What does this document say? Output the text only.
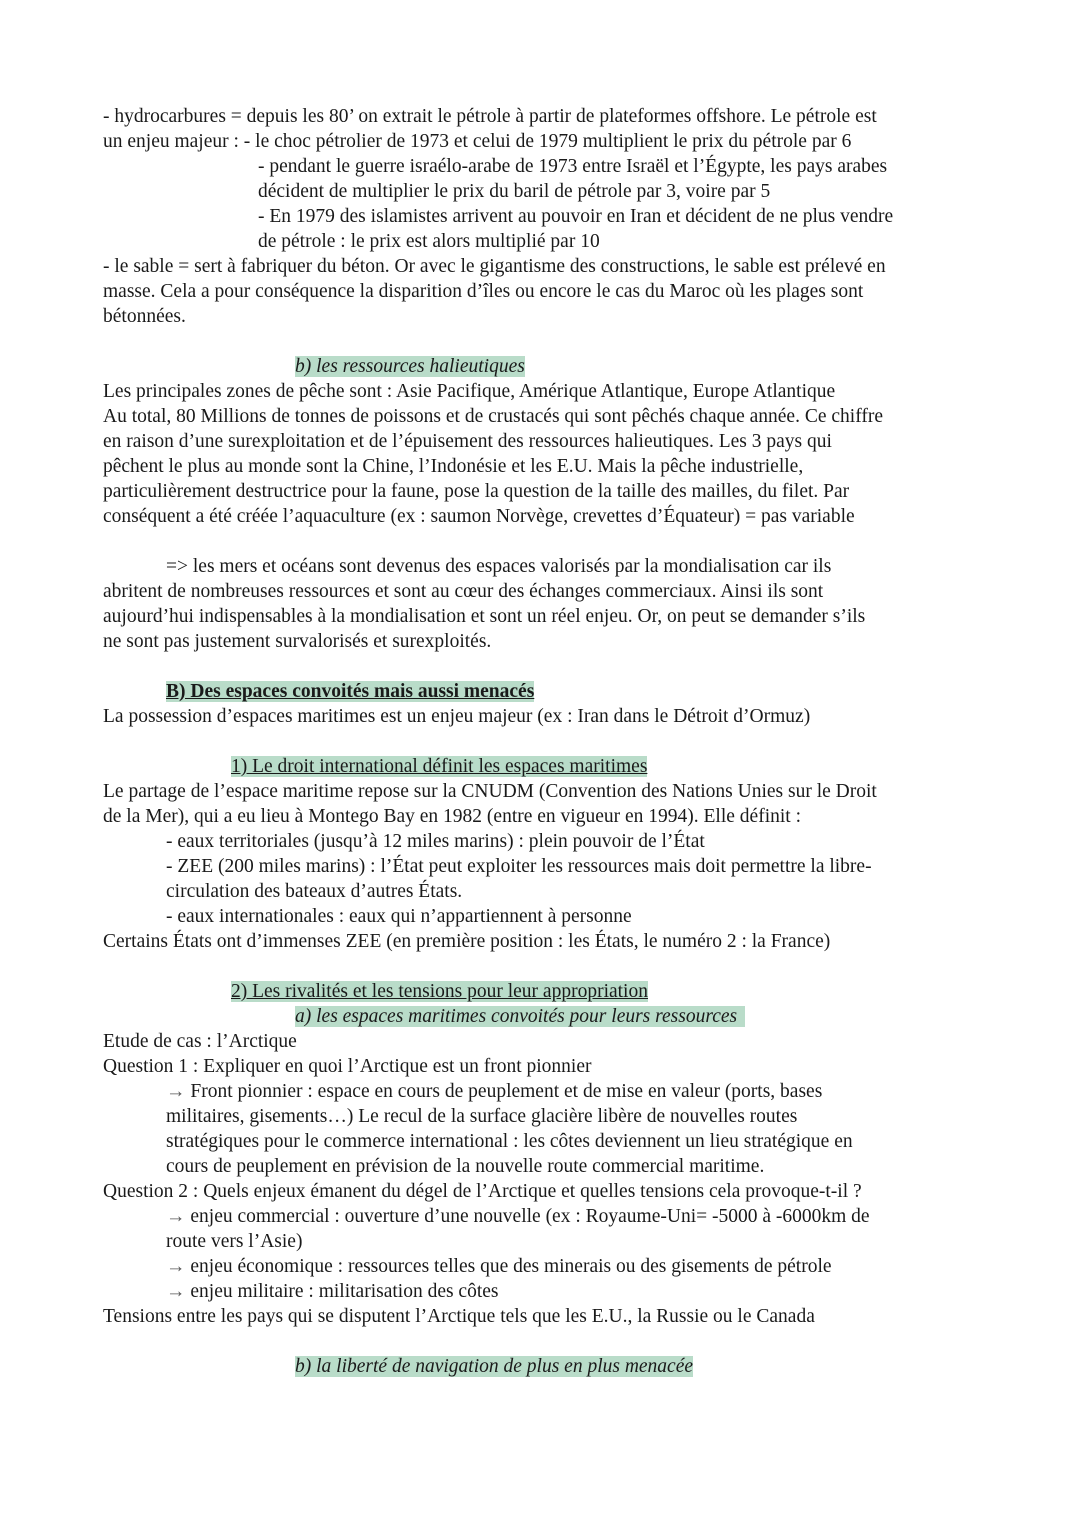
- hydrocarbures = depuis les 80’ on extrait le pétrole à partir de plateformes offshore. Le pétrole est
un enjeu majeur : - le choc pétrolier de 1973 et celui de 1979 multiplient le prix du pétrole par 6
- pendant le guerre israélo-arabe de 1973 entre Israël et l’Égypte, les pays arabes
décident de multiplier le prix du baril de pétrole par 3, voire par 5
- En 1979 des islamistes arrivent au pouvoir en Iran et décident de ne plus vendre
de pétrole : le prix est alors multiplié par 10
- le sable = sert à fabriquer du béton. Or avec le gigantisme des constructions, le sable est prélevé en
masse. Cela a pour conséquence la disparition d’îles ou encore le cas du Maroc où les plages sont
bétonnées.
b) les ressources halieutiques
Les principales zones de pêche sont : Asie Pacifique, Amérique Atlantique, Europe Atlantique
Au total, 80 Millions de tonnes de poissons et de crustacés qui sont pêchés chaque année. Ce chiffre
en raison d’une surexploitation et de l’épuisement des ressources halieutiques. Les 3 pays qui
pêchent le plus au monde sont la Chine, l’Indonésie et les E.U. Mais la pêche industrielle,
particulièrement destructrice pour la faune, pose la question de la taille des mailles, du filet. Par
conséquent a été créée l’aquaculture (ex : saumon Norvège, crevettes d’Équateur) = pas variable
=> les mers et océans sont devenus des espaces valorisés par la mondialisation car ils
abritent de nombreuses ressources et sont au cœur des échanges commerciaux. Ainsi ils sont
aujourd’hui indispensables à la mondialisation et sont un réel enjeu. Or, on peut se demander s’ils
ne sont pas justement survalorisés et surexploités.
B) Des espaces convoités mais aussi menacés
La possession d’espaces maritimes est un enjeu majeur (ex : Iran dans le Détroit d’Ormuz)
1) Le droit international définit les espaces maritimes
Le partage de l’espace maritime repose sur la CNUDM (Convention des Nations Unies sur le Droit
de la Mer), qui a eu lieu à Montego Bay en 1982 (entre en vigueur en 1994). Elle définit :
- eaux territoriales (jusqu’à 12 miles marins) : plein pouvoir de l’État
- ZEE (200 miles marins) : l’État peut exploiter les ressources mais doit permettre la libre-
circulation des bateaux d’autres États.
- eaux internationales : eaux qui n’appartiennent à personne
Certains États ont d’immenses ZEE (en première position : les États, le numéro 2 : la France)
2) Les rivalités et les tensions pour leur appropriation
a) les espaces maritimes convoités pour leurs ressources
Etude de cas : l’Arctique
Question 1 : Expliquer en quoi l’Arctique est un front pionnier
→ Front pionnier : espace en cours de peuplement et de mise en valeur (ports, bases
militaires, gisements…) Le recul de la surface glacière libère de nouvelles routes
stratégiques pour le commerce international : les côtes deviennent un lieu stratégique en
cours de peuplement en prévision de la nouvelle route commercial maritime.
Question 2 : Quels enjeux émanent du dégel de l’Arctique et quelles tensions cela provoque-t-il ?
→ enjeu commercial : ouverture d’une nouvelle (ex : Royaume-Uni= -5000 à -6000km de
route vers l’Asie)
→ enjeu économique : ressources telles que des minerais ou des gisements de pétrole
→ enjeu militaire : militarisation des côtes
Tensions entre les pays qui se disputent l’Arctique tels que les E.U., la Russie ou le Canada
b) la liberté de navigation de plus en plus menacée
